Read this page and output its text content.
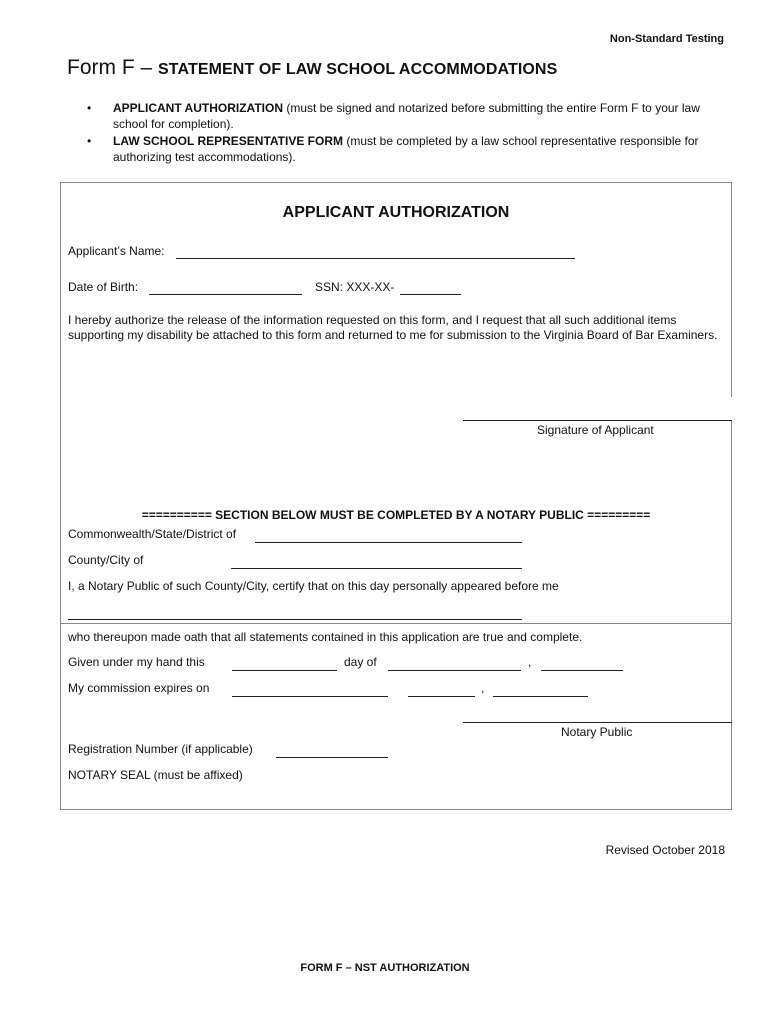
Non-Standard Testing
Form F – STATEMENT OF LAW SCHOOL ACCOMMODATIONS
• APPLICANT AUTHORIZATION (must be signed and notarized before submitting the entire Form F to your law school for completion).
• LAW SCHOOL REPRESENTATIVE FORM (must be completed by a law school representative responsible for authorizing test accommodations).
APPLICANT AUTHORIZATION
Applicant’s Name:
Date of Birth:	SSN: XXX-XX-
I hereby authorize the release of the information requested on this form, and I request that all such additional items supporting my disability be attached to this form and returned to me for submission to the Virginia Board of Bar Examiners.
Signature of Applicant
========== SECTION BELOW MUST BE COMPLETED BY A NOTARY PUBLIC =========
Commonwealth/State/District of
County/City of
I, a Notary Public of such County/City, certify that on this day personally appeared before me
who thereupon made oath that all statements contained in this application are true and complete.
Given under my hand this	day of	,
My commission expires on	,
Notary Public
Registration Number (if applicable)
NOTARY SEAL (must be affixed)
Revised October 2018
FORM F – NST AUTHORIZATION
